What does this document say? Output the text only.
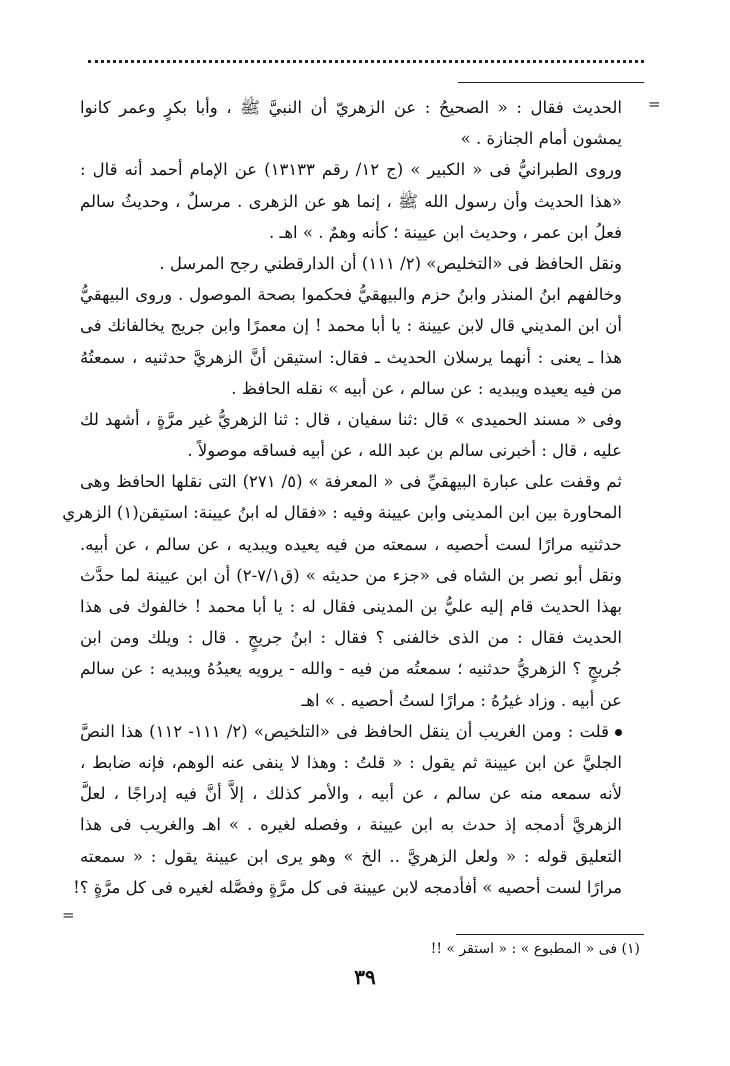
=
=
الحديث فقال : « الصحيحُ : عن الزهريّ أن النبيَّ ﷺ ، وأبا بكرٍ وعمر كانوا
يمشون أمام الجنازة . »
وروى الطبرانيُّ فى « الكبير » (ج ١٢/ رقم ١٣١٣٣) عن الإمام أحمد أنه قال :
«هذا الحديث وأن رسول الله ﷺ ، إنما هو عن الزهرى . مرسلٌ ، وحديثُ سالم
فعلُ ابن عمر ، وحديث ابن عيينة ؛ كأنه وهمٌ . » اهـ .
ونقل الحافظ فى «التخليص» (٢/ ١١١) أن الدارقطني رجح المرسل .
وخالفهم ابنُ المنذر وابنُ حزم والبيهقيُّ فحكموا بصحة الموصول . وروى البيهقيُّ
أن ابن المديني قال لابن عيينة : يا أبا محمد ! إن معمرًا وابن جريج يخالفانك فى
هذا ـ يعنى : أنهما يرسلان الحديث ـ فقال: استيقن أنَّ الزهريَّ حدثنيه ، سمعتُهُ
من فيه يعيده ويبديه : عن سالم ، عن أبيه » نقله الحافظ .
وفى « مسند الحميدى » قال :ثنا سفيان ، قال : ثنا الزهريُّ غير مرَّةٍ ، أشهد لك
عليه ، قال : أخبرنى سالم بن عبد الله ، عن أبيه فساقه موصولاً .
ثم وقفت على عبارة البيهقيِّ فى « المعرفة » (٥/ ٢٧١) التى نقلها الحافظ وهى
المحاورة بين ابن المدينى وابن عيينة وفيه : «فقال له ابنُ عيينة: استيقن(١) الزهري
حدثنيه مرارًا لست أحصيه ، سمعته من فيه يعيده ويبديه ، عن سالم ، عن أبيه.
ونقل أبو نصر بن الشاه فى «جزء من حديثه » (ق٧/١-٢) أن ابن عيينة لما حدَّث
بهذا الحديث قام إليه عليُّ بن المدينى فقال له : يا أبا محمد ! خالفوك فى هذا
الحديث فقال : من الذى خالفنى ؟ فقال : ابنُ جريجٍ . قال : ويلك ومن ابن
جُريجٍ ؟ الزهريُّ حدثنيه ؛ سمعتُه من فيه - والله - يرويه يعيدُهُ ويبديه : عن سالم
عن أبيه . وزاد غيرُهُ : مرارًا لستُ أحصيه . » اهـ
قلت : ومن الغريب أن ينقل الحافظ فى «التلخيص» (٢/ ١١١- ١١٢) هذا النصَّ
الجليَّ عن ابن عيينة ثم يقول : « قلتُ : وهذا لا ينفى عنه الوهم، فإنه ضابط ،
لأنه سمعه منه عن سالم ، عن أبيه ، والأمر كذلك ، إلاَّ أنَّ فيه إدراجًا ، لعلَّ
الزهريَّ أدمجه إذ حدث به ابن عيينة ، وفصله لغيره . » اهـ والغريب فى هذا
التعليق قوله : « ولعل الزهريَّ .. الخ » وهو يرى ابن عيينة يقول : « سمعته
مرارًا لست أحصيه » أفأدمجه لابن عيينة فى كل مرَّةٍ وفصَّله لغيره فى كل مرَّةٍ ؟!
(١) فى « المطبوع » : « استقر » !!
٣٩
